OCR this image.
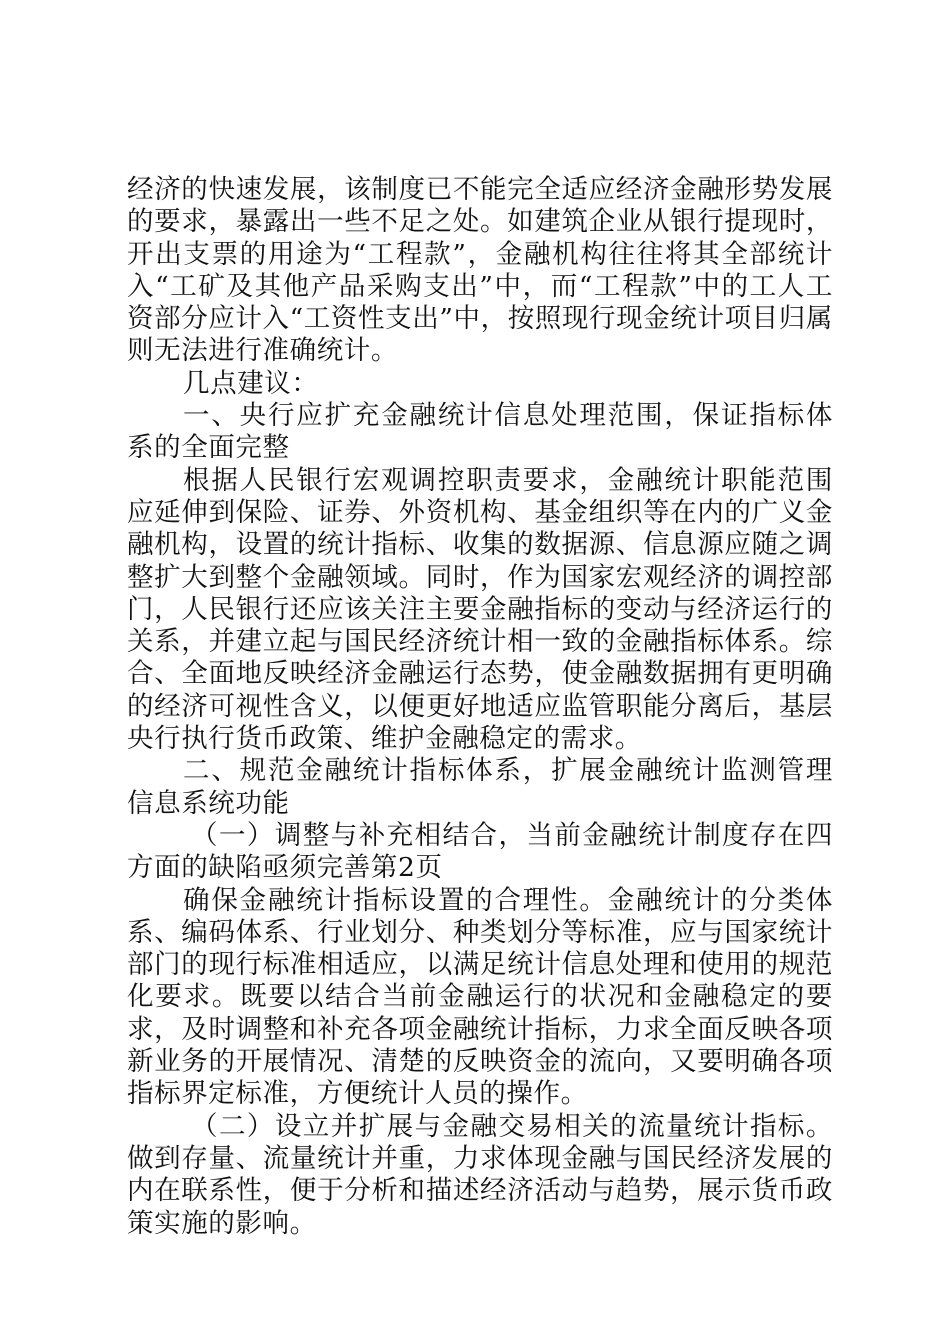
经济的快速发展，该制度已不能完全适应经济金融形势发展的要求，暴露出一些不足之处。如建筑企业从银行提现时，开出支票的用途为“工程款”，金融机构往往将其全部统计入“工矿及其他产品采购支出”中，而“工程款”中的工人工资部分应计入“工资性支出”中，按照现行现金统计项目归属则无法进行准确统计。

几点建议：

一、央行应扩充金融统计信息处理范围，保证指标体系的全面完整

根据人民银行宏观调控职责要求，金融统计职能范围应延伸到保险、证券、外资机构、基金组织等在内的广义金融机构，设置的统计指标、收集的数据源、信息源应随之调整扩大到整个金融领域。同时，作为国家宏观经济的调控部门，人民银行还应该关注主要金融指标的变动与经济运行的关系，并建立起与国民经济统计相一致的金融指标体系。综合、全面地反映经济金融运行态势，使金融数据拥有更明确的经济可视性含义，以便更好地适应监管职能分离后，基层央行执行货币政策、维护金融稳定的需求。

二、规范金融统计指标体系，扩展金融统计监测管理信息系统功能

（一）调整与补充相结合，当前金融统计制度存在四方面的缺陷亟须完善第2页

确保金融统计指标设置的合理性。金融统计的分类体系、编码体系、行业划分、种类划分等标准，应与国家统计部门的现行标准相适应，以满足统计信息处理和使用的规范化要求。既要以结合当前金融运行的状况和金融稳定的要求，及时调整和补充各项金融统计指标，力求全面反映各项新业务的开展情况、清楚的反映资金的流向，又要明确各项指标界定标准，方便统计人员的操作。

（二）设立并扩展与金融交易相关的流量统计指标。做到存量、流量统计并重，力求体现金融与国民经济发展的内在联系性，便于分析和描述经济活动与趋势，展示货币政策实施的影响。
